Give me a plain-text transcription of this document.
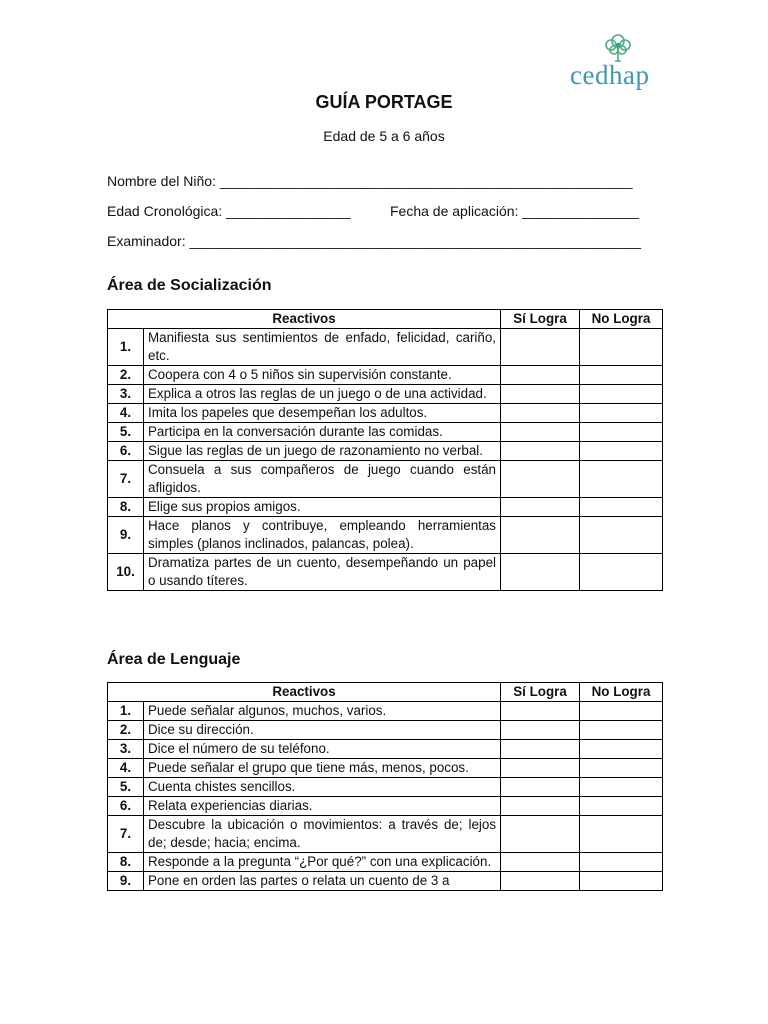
cedhap
GUÍA PORTAGE
Edad de 5 a 6 años
Nombre del Niño: _____________________________________________________
Edad Cronológica: ________________	Fecha de aplicación: _______________
Examinador: __________________________________________________________
Área de Socialización
Reactivos		Sí Logra	No Logra
1.	Manifiesta sus sentimientos de enfado, felicidad, cariño, etc.		
2.	Coopera con 4 o 5 niños sin supervisión constante.		
3.	Explica a otros las reglas de un juego o de una actividad.		
4.	Imita los papeles que desempeñan los adultos.		
5.	Participa en la conversación durante las comidas.		
6.	Sigue las reglas de un juego de razonamiento no verbal.		
7.	Consuela a sus compañeros de juego cuando están afligidos.		
8.	Elige sus propios amigos.		
9.	Hace planos y contribuye, empleando herramientas simples (planos inclinados, palancas, polea).		
10.	Dramatiza partes de un cuento, desempeñando un papel o usando títeres.		
Área de Lenguaje
Reactivos		Sí Logra	No Logra
1.	Puede señalar algunos, muchos, varios.		
2.	Dice su dirección.		
3.	Dice el número de su teléfono.		
4.	Puede señalar el grupo que tiene más, menos, pocos.		
5.	Cuenta chistes sencillos.		
6.	Relata experiencias diarias.		
7.	Descubre la ubicación o movimientos: a través de; lejos de; desde; hacia; encima.		
8.	Responde a la pregunta “¿Por qué?” con una explicación.		
9.	Pone en orden las partes o relata un cuento de 3 a		
